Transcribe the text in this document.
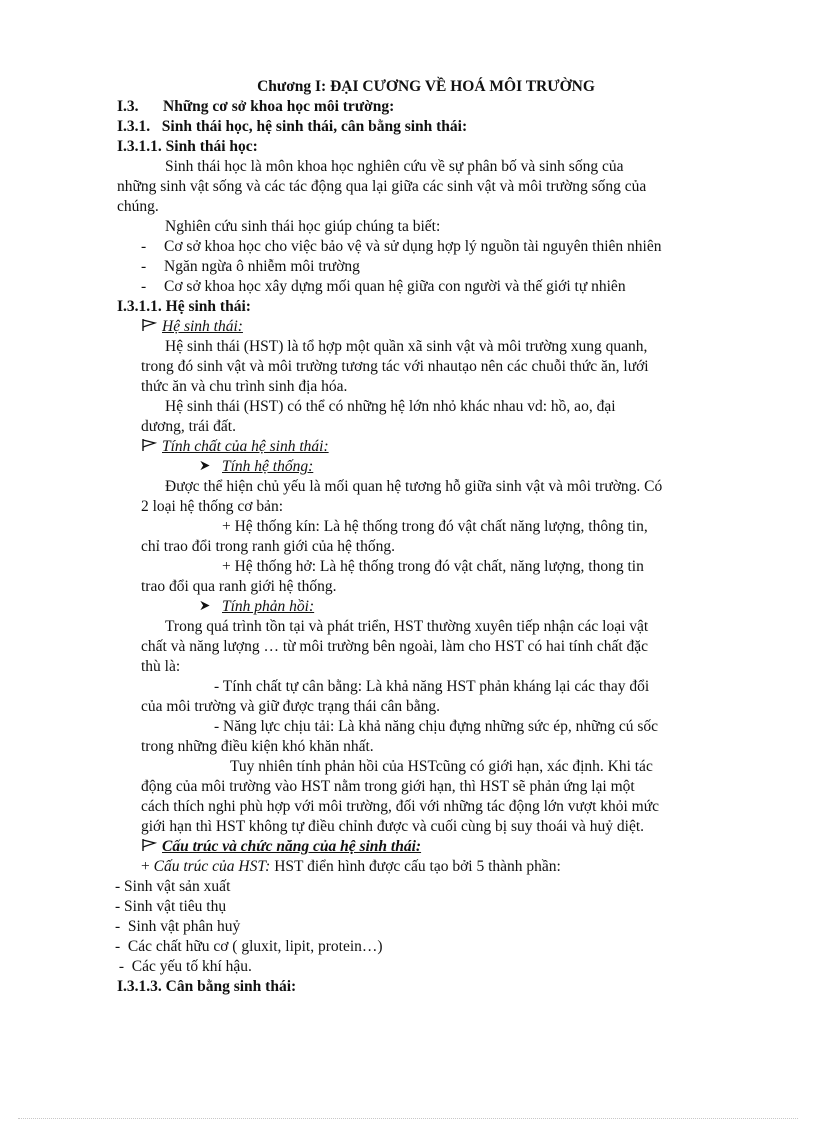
Chương I: ĐẠI CƯƠNG VỀ HOÁ MÔI TRƯỜNG
I.3. Những cơ sở khoa học môi trường:
I.3.1.   Sinh thái học, hệ sinh thái, cân bằng sinh thái:
I.3.1.1. Sinh thái học:
Sinh thái học là môn khoa học nghiên cứu về sự phân bố và sinh sống của
những sinh vật sống và các tác động qua lại giữa các sinh vật và môi trường sống của
chúng.
Nghiên cứu sinh thái học giúp chúng ta biết:
- Cơ sở khoa học cho việc bảo vệ và sử dụng hợp lý nguồn tài nguyên thiên nhiên
- Ngăn ngừa ô nhiễm môi trường
- Cơ sở khoa học xây dựng mối quan hệ giữa con người và thế giới tự nhiên
I.3.1.1. Hệ sinh thái:
Hệ sinh thái:
Hệ sinh thái (HST) là tổ hợp một quần xã sinh vật và môi trường xung quanh,
trong đó sinh vật và môi trường tương tác với nhautạo nên các chuỗi thức ăn, lưới
thức ăn và chu trình sinh địa hóa.
Hệ sinh thái (HST) có thể có những hệ lớn nhỏ khác nhau vd: hồ, ao, đại
dương, trái đất.
Tính chất của hệ sinh thái:
Tính hệ thống:
Được thể hiện chủ yếu là mối quan hệ tương hỗ giữa sinh vật và môi trường. Có
2 loại hệ thống cơ bản:
+ Hệ thống kín: Là hệ thống trong đó vật chất năng lượng, thông tin,
chỉ trao đổi trong ranh giới của hệ thống.
+ Hệ thống hở: Là hệ thống trong đó vật chất, năng lượng, thong tin
trao đổi qua ranh giới hệ thống.
Tính phản hồi:
Trong quá trình tồn tại và phát triển, HST thường xuyên tiếp nhận các loại vật
chất và năng lượng … từ môi trường bên ngoài, làm cho HST có hai tính chất đặc
thù là:
- Tính chất tự cân bằng: Là khả năng HST phản kháng lại các thay đổi
của môi trường và giữ được trạng thái cân bằng.
- Năng lực chịu tải: Là khả năng chịu đựng những sức ép, những cú sốc
trong những điều kiện khó khăn nhất.
Tuy nhiên tính phản hồi của HSTcũng có giới hạn, xác định. Khi tác
động của môi trường vào HST nằm trong giới hạn, thì HST sẽ phản ứng lại một
cách thích nghi phù hợp với môi trường, đối với những tác động lớn vượt khỏi mức
giới hạn thì HST không tự điều chỉnh được và cuối cùng bị suy thoái và huỷ diệt.
Cấu trúc và chức năng của hệ sinh thái:
+ Cấu trúc của HST: HST điển hình được cấu tạo bởi 5 thành phần:
- Sinh vật sản xuất
- Sinh vật tiêu thụ
-  Sinh vật phân huỷ
-  Các chất hữu cơ ( gluxit, lipit, protein…)
-  Các yếu tố khí hậu.
I.3.1.3. Cân bằng sinh thái:
